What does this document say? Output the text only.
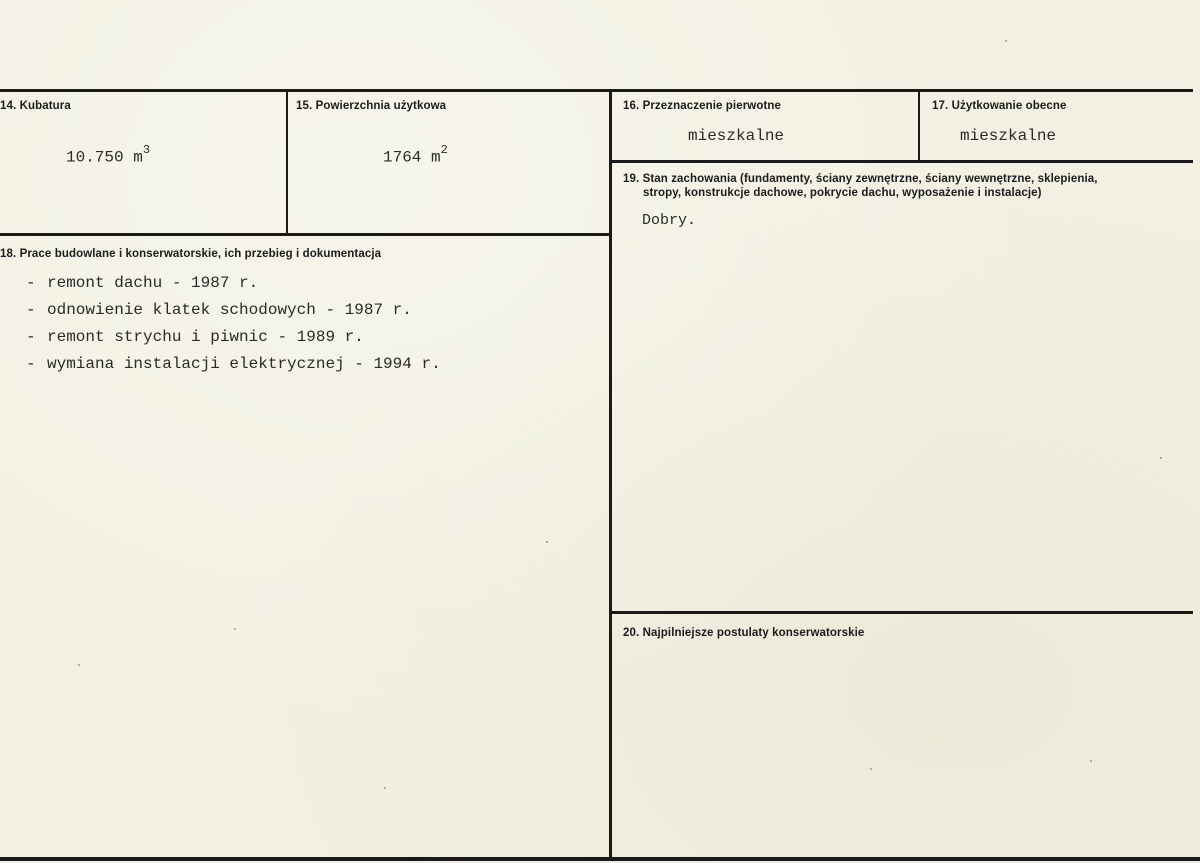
14. Kubatura
10.750 $m^3$
15. Powierzchnia użytkowa
1764 $m^2$
16. Przeznaczenie pierwotne
mieszkalne
17. Użytkowanie obecne
mieszkalne
19. Stan zachowania (fundamenty, ściany zewnętrzne, ściany wewnętrzne, sklepienia,
stropy, konstrukcje dachowe, pokrycie dachu, wyposażenie i instalacje)
Dobry.
18. Prace budowlane i konserwatorskie, ich przebieg i dokumentacja
- remont dachu - 1987 r.
- odnowienie klatek schodowych - 1987 r.
- remont strychu i piwnic - 1989 r.
- wymiana instalacji elektrycznej - 1994 r.
20. Najpilniejsze postulaty konserwatorskie
